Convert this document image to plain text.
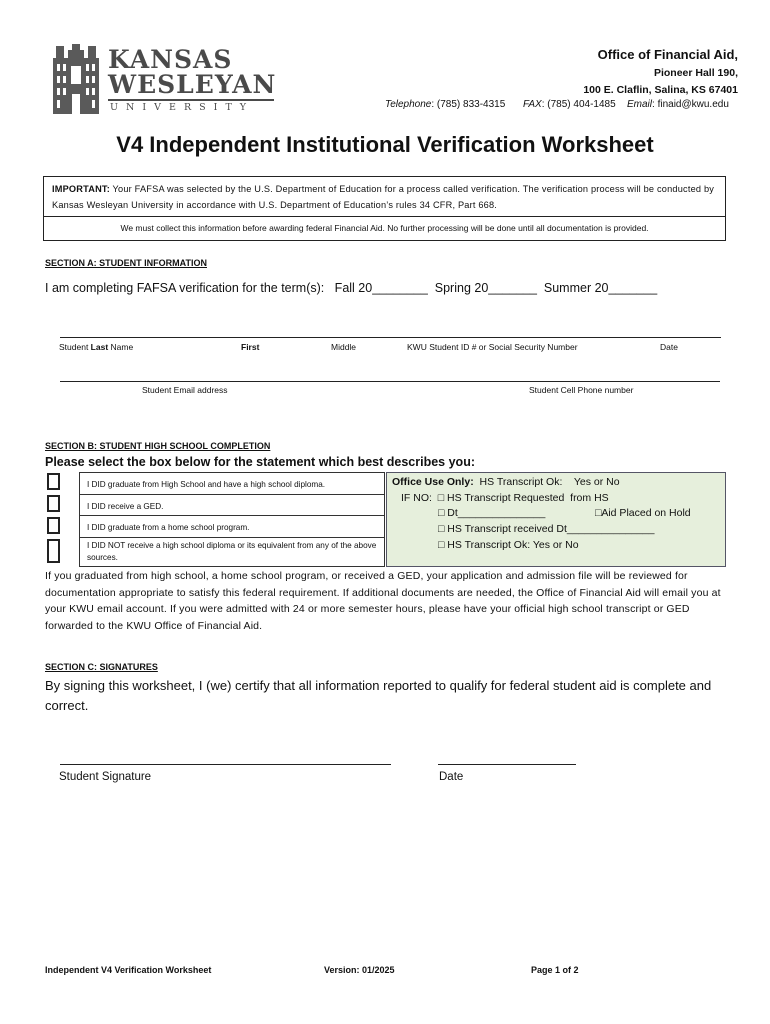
KANSAS
WESLEYAN
U N I V E R S I T Y
Office of Financial Aid,
Pioneer Hall 190,
100 E. Claflin, Salina, KS 67401
Telephone: (785) 833-4315 FAX: (785) 404-1485 Email: finaid@kwu.edu
V4 Independent Institutional Verification Worksheet
IMPORTANT: Your FAFSA was selected by the U.S. Department of Education for a process called verification. The verification process will be conducted by Kansas Wesleyan University in accordance with U.S. Department of Education’s rules 34 CFR, Part 668.
We must collect this information before awarding federal Financial Aid. No further processing will be done until all documentation is provided.
SECTION A: STUDENT INFORMATION
I am completing FAFSA verification for the term(s):   Fall 20________  Spring 20_______  Summer 20_______
Student Last Name	First	Middle	KWU Student ID # or Social Security Number	Date
Student Email address	Student Cell Phone number
SECTION B: STUDENT HIGH SCHOOL COMPLETION
Please select the box below for the statement which best describes you:
I DID graduate from High School and have a high school diploma.
I DID receive a GED.
I DID graduate from a home school program.
I DID NOT receive a high school diploma or its equivalent from any of the above sources.
Office Use Only:  HS Transcript Ok:    Yes or No
IF NO:  □ HS Transcript Requested  from HS
□ Dt_______________	□Aid Placed on Hold
□ HS Transcript received Dt_______________
□ HS Transcript Ok: Yes or No
If you graduated from high school, a home school program, or received a GED, your application and admission file will be reviewed for documentation appropriate to satisfy this federal requirement. If additional documents are needed, the Office of Financial Aid will email you at your KWU email account. If you were admitted with 24 or more semester hours, please have your official high school transcript or GED forwarded to the KWU Office of Financial Aid.
SECTION C: SIGNATURES
By signing this worksheet, I (we) certify that all information reported to qualify for federal student aid is complete and correct.
Student Signature	Date
Independent V4 Verification Worksheet	Version: 01/2025	Page 1 of 2
